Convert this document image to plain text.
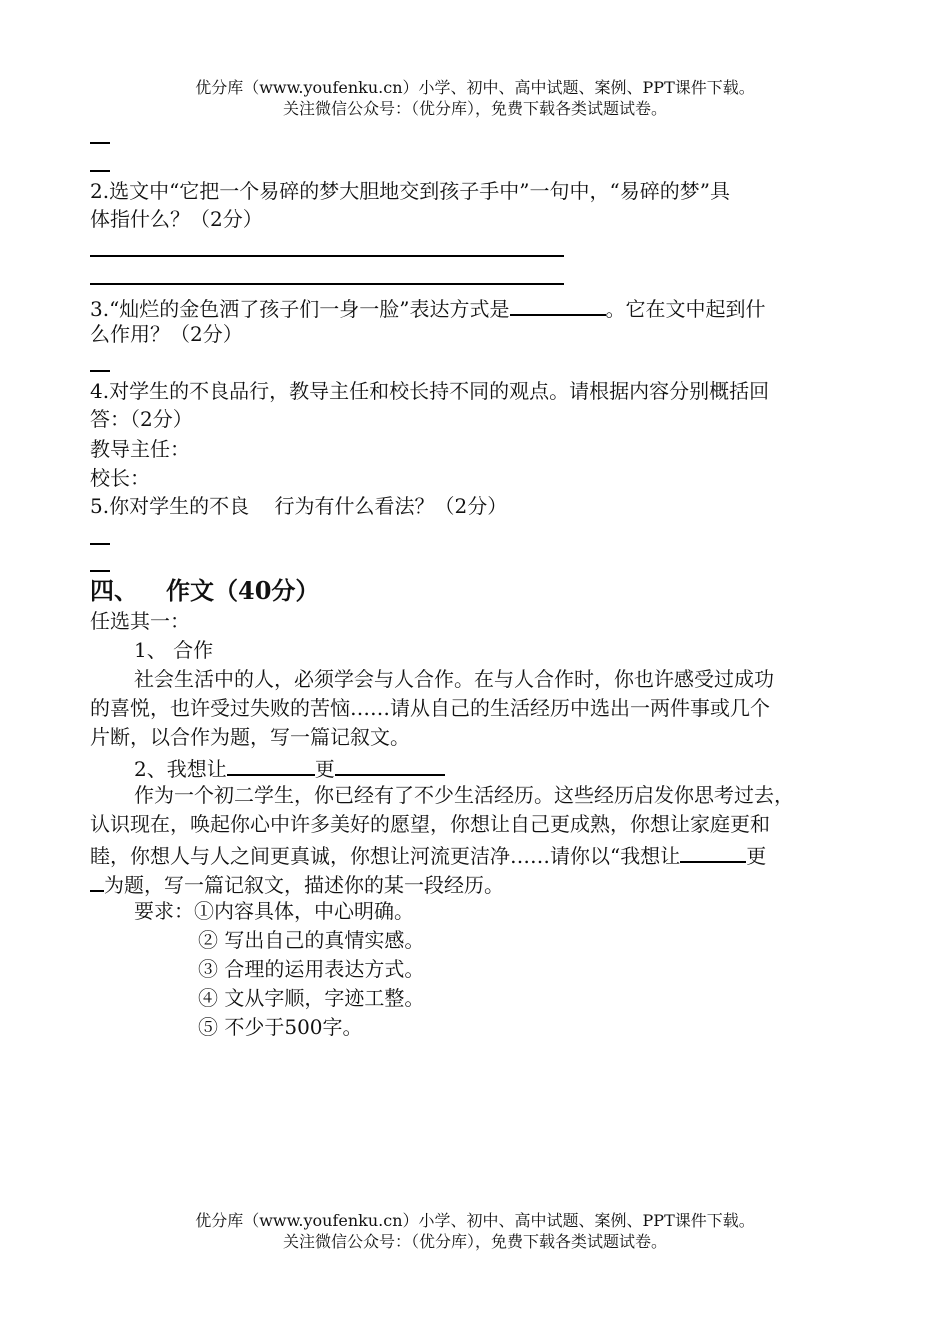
优分库（www.youfenku.cn）小学、初中、高中试题、案例、PPT课件下载。
关注微信公众号：（优分库），免费下载各类试题试卷。
2.选文中“它把一个易碎的梦大胆地交到孩子手中”一句中，“易碎的梦”具
体指什么？（2分）
3.“灿烂的金色洒了孩子们一身一脸”表达方式是	。它在文中起到什
么作用？（2分）
4.对学生的不良品行，教导主任和校长持不同的观点。请根据内容分别概括回
答：（2分）
教导主任：
校长：
5.你对学生的不良    行为有什么看法？（2分）
四、 作文（40分）
任选其一：
1、 合作
社会生活中的人，必须学会与人合作。在与人合作时，你也许感受过成功
的喜悦，也许受过失败的苦恼……请从自己的生活经历中选出一两件事或几个
片断，以合作为题，写一篇记叙文。
2、我想让	更
作为一个初二学生，你已经有了不少生活经历。这些经历启发你思考过去，
认识现在，唤起你心中许多美好的愿望，你想让自己更成熟，你想让家庭更和
睦，你想人与人之间更真诚，你想让河流更洁净……请你以“我想让	更
为题，写一篇记叙文，描述你的某一段经历。
要求：①内容具体，中心明确。
② 写出自己的真情实感。
③ 合理的运用表达方式。
④ 文从字顺，字迹工整。
⑤ 不少于500字。
优分库（www.youfenku.cn）小学、初中、高中试题、案例、PPT课件下载。
关注微信公众号：（优分库），免费下载各类试题试卷。
